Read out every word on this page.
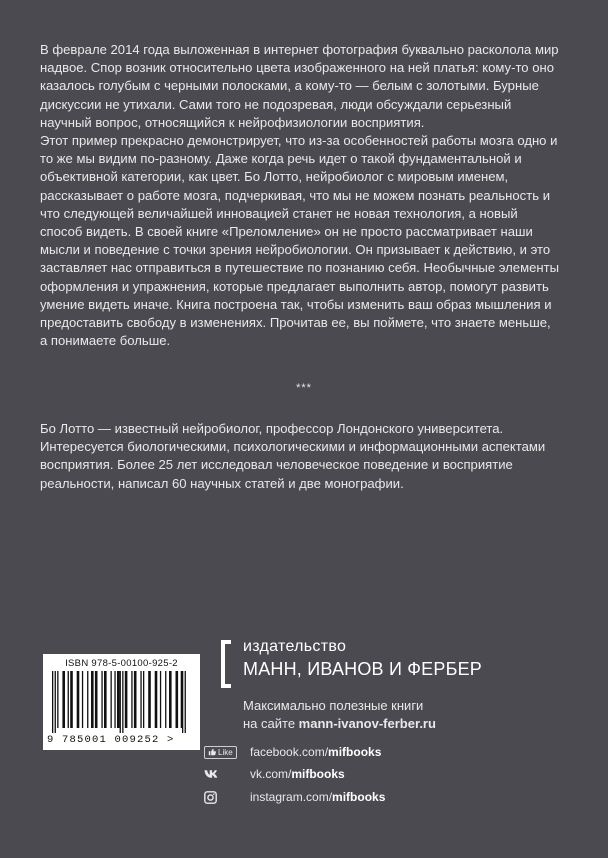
В феврале 2014 года выложенная в интернет фотография буквально расколола мир надвое. Спор возник относительно цвета изображенного на ней платья: кому-то оно казалось голубым с черными полосками, а кому-то — белым с золотыми. Бурные дискуссии не утихали. Сами того не подозревая, люди обсуждали серьезный научный вопрос, относящийся к нейрофизиологии восприятия.

Этот пример прекрасно демонстрирует, что из-за особенностей работы мозга одно и то же мы видим по-разному. Даже когда речь идет о такой фундаментальной и объективной категории, как цвет. Бо Лотто, нейробиолог с мировым именем, рассказывает о работе мозга, подчеркивая, что мы не можем познать реальность и что следующей величайшей инновацией станет не новая технология, а новый способ видеть. В своей книге «Преломление» он не просто рассматривает наши мысли и поведение с точки зрения нейробиологии. Он призывает к действию, и это заставляет нас отправиться в путешествие по познанию себя. Необычные элементы оформления и упражнения, которые предлагает выполнить автор, помогут развить умение видеть иначе. Книга построена так, чтобы изменить ваш образ мышления и предоставить свободу в изменениях. Прочитав ее, вы поймете, что знаете меньше, а понимаете больше.

***
Бо Лотто — известный нейробиолог, профессор Лондонского университета. Интересуется биологическими, психологическими и информационными аспектами восприятия. Более 25 лет исследовал человеческое поведение и восприятие реальности, написал 60 научных статей и две монографии.
ISBN 978-5-00100-925-2
9 785001 009252 >
издательство
МАНН, ИВАНОВ И ФЕРБЕР
Максимально полезные книги
на сайте mann-ivanov-ferber.ru
Like facebook.com/ mifbooks
vk.com/ mifbooks
instagram.com/ mifbooks
